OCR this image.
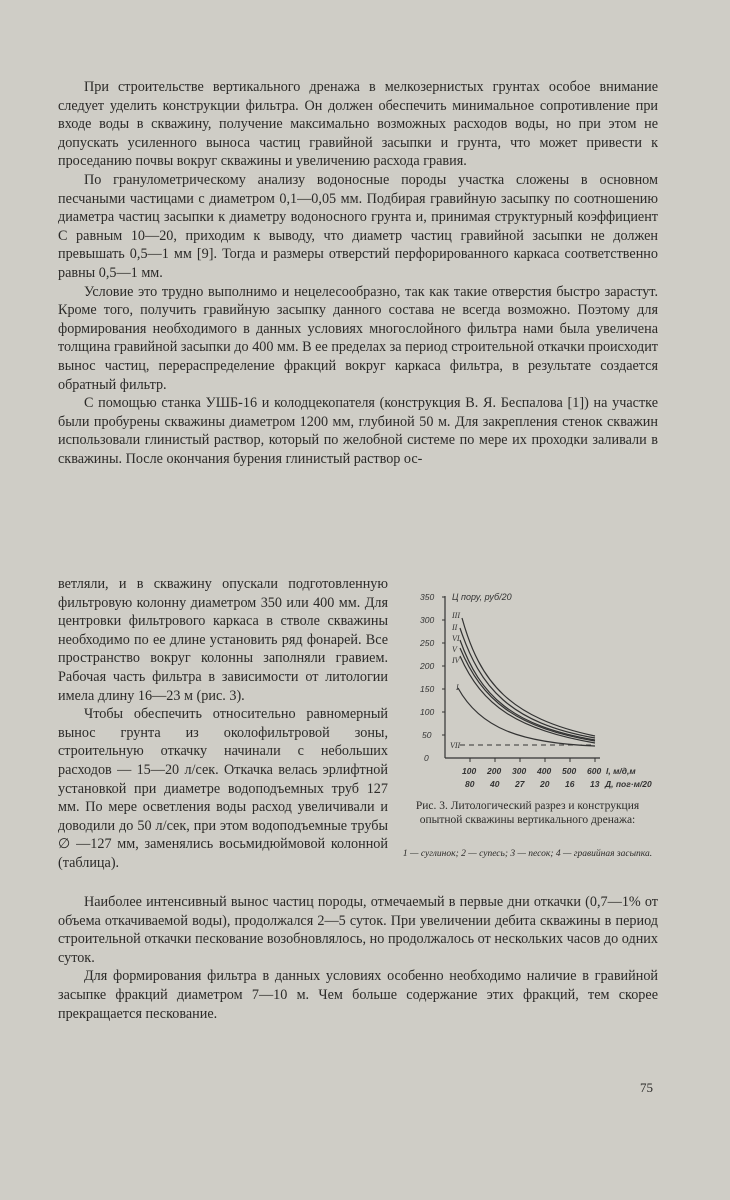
При строительстве вертикального дренажа в мелкозернистых грунтах особое внимание следует уделить конструкции фильтра. Он должен обеспечить минимальное сопротивление при входе воды в скважину, получение максимально возможных расходов воды, но при этом не допускать усиленного выноса частиц гравийной засыпки и грунта, что может привести к проседанию почвы вокруг скважины и увеличению расхода гравия.

По гранулометрическому анализу водоносные породы участка сложены в основном песчаными частицами с диаметром 0,1—0,05 мм. Подбирая гравийную засыпку по соотношению диаметра частиц засыпки к диаметру водоносного грунта и, принимая структурный коэффициент С равным 10—20, приходим к выводу, что диаметр частиц гравийной засыпки не должен превышать 0,5—1 мм [9]. Тогда и размеры отверстий перфорированного каркаса соответственно равны 0,5—1 мм.

Условие это трудно выполнимо и нецелесообразно, так как такие отверстия быстро зарастут. Кроме того, получить гравийную засыпку данного состава не всегда возможно. Поэтому для формирования необходимого в данных условиях многослойного фильтра нами была увеличена толщина гравийной засыпки до 400 мм. В ее пределах за период строительной откачки происходит вынос частиц, перераспределение фракций вокруг каркаса фильтра, в результате создается обратный фильтр.

С помощью станка УШБ-16 и колодцекопателя (конструкция В. Я. Беспалова [1]) на участке были пробурены скважины диаметром 1200 мм, глубиной 50 м. Для закрепления стенок скважин использовали глинистый раствор, который по желобной системе по мере их проходки заливали в скважины. После окончания бурения глинистый раствор ос-

ветляли, и в скважину опускали подготовленную фильтровую колонну диаметром 350 или 400 мм. Для центровки фильтрового каркаса в стволе скважины необходимо по ее длине установить ряд фонарей. Все пространство вокруг колонны заполняли гравием. Рабочая часть фильтра в зависимости от литологии имела длину 16—23 м (рис. 3).

Чтобы обеспечить относительно равномерный вынос грунта из околофильтровой зоны, строительную откачку начинали с небольших расходов — 15—20 л/сек. Откачка велась эрлифтной установкой при диаметре водоподъемных труб 127 мм. По мере осветления воды расход увеличивали и доводили до 50 л/сек, при этом водоподъемные трубы ∅ —127 мм, заменялись восьмидюймовой колонной (таблица).

0
50
100
150
200
250
300
350 Ц пору, руб/20
III
II
VI
V
IV
I
VII
100 200 300 400 500 600 l, м/д,м
80 40 27 20 16 13 Д, пог·м/20
Рис. 3. Литологический разрез и конструкция опытной скважины вертикального дренажа:
1 — суглинок; 2 — супесь; 3 — песок; 4 — гравийная засыпка.

Наиболее интенсивный вынос частиц породы, отмечаемый в первые дни откачки (0,7—1% от объема откачиваемой воды), продолжался 2—5 суток. При увеличении дебита скважины в период строительной откачки пескование возобновлялось, но продолжалось от нескольких часов до одних суток.

Для формирования фильтра в данных условиях особенно необходимо наличие в гравийной засыпке фракций диаметром 7—10 м. Чем больше содержание этих фракций, тем скорее прекращается пескование.

75
